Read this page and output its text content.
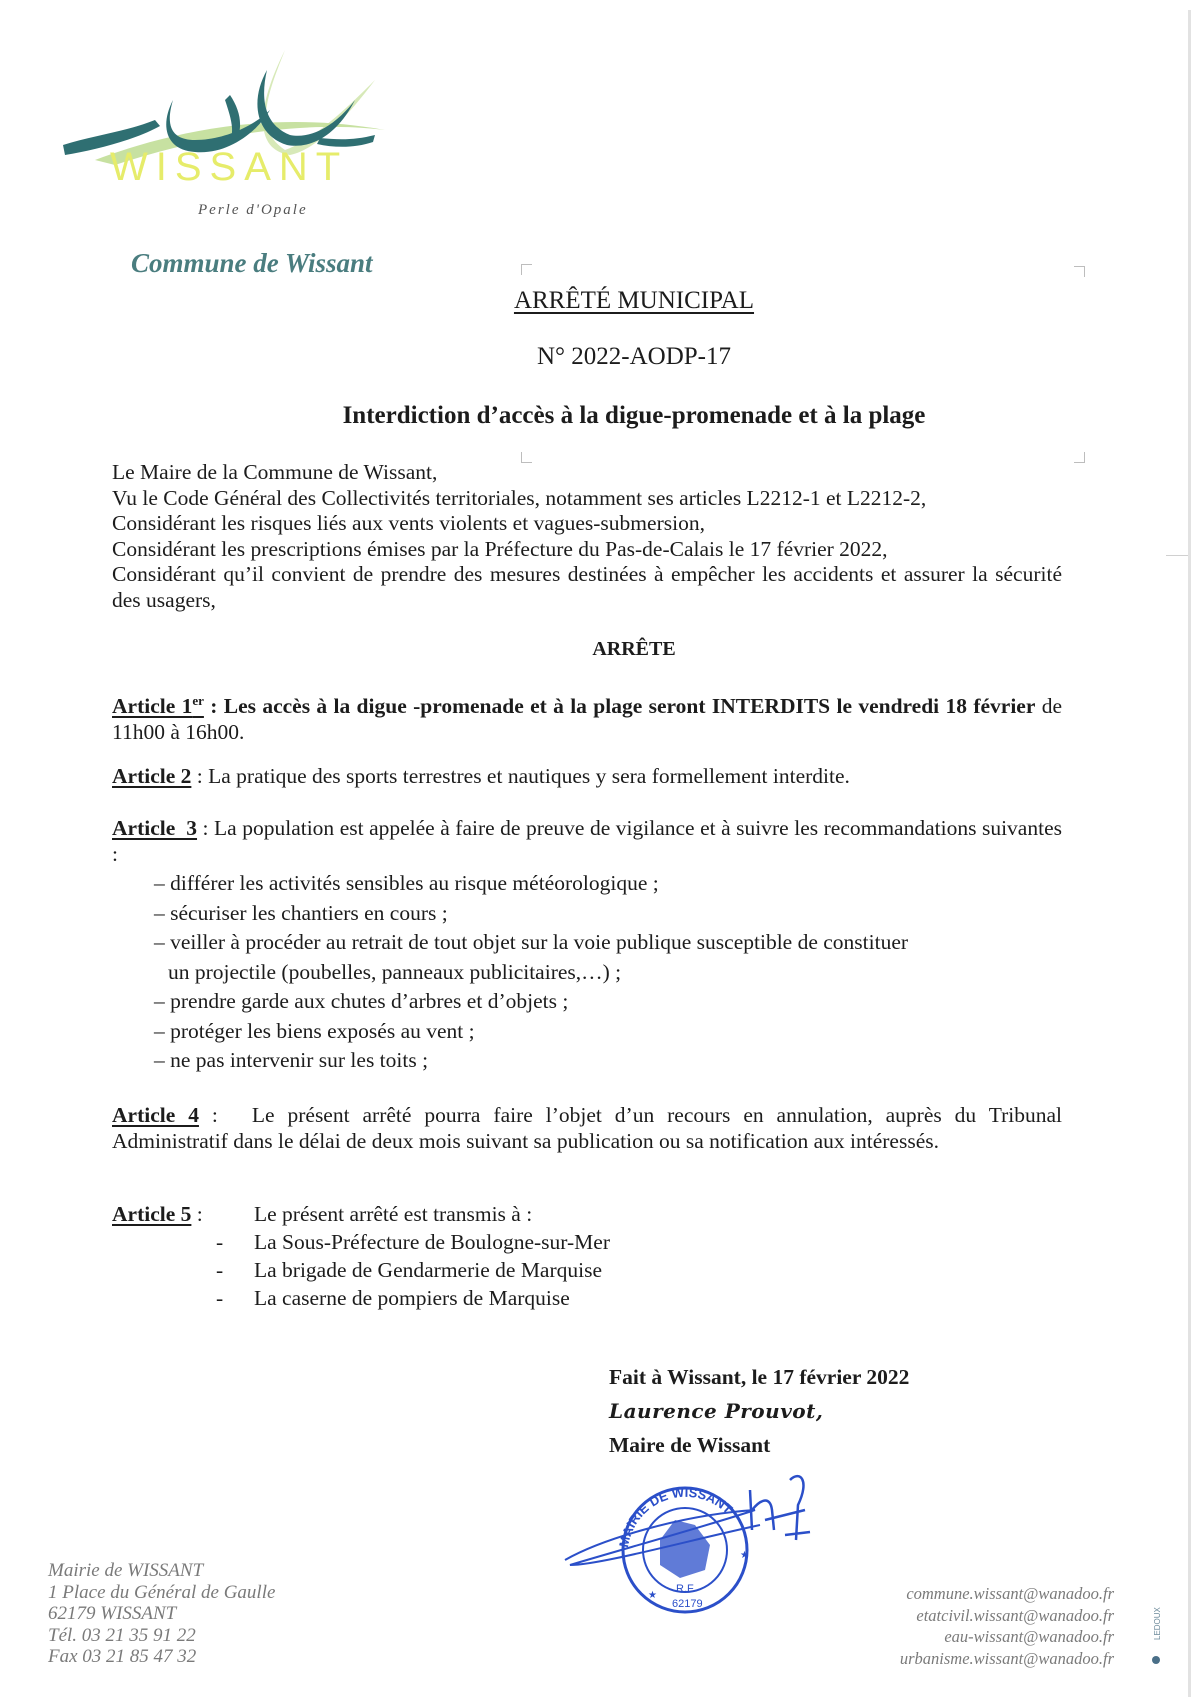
WISSANT
Perle d'Opale
Commune de Wissant
ARRÊTÉ MUNICIPAL
N° 2022-AODP-17
Interdiction d’accès à la digue-promenade et à la plage
Le Maire de la Commune de Wissant,
Vu le Code Général des Collectivités territoriales, notamment ses articles L2212-1 et L2212-2,
Considérant les risques liés aux vents violents et vagues-submersion,
Considérant les prescriptions émises par la Préfecture du Pas-de-Calais le 17 février 2022,
Considérant qu’il convient de prendre des mesures destinées à empêcher les accidents et assurer la sécurité des usagers,
ARRÊTE
Article 1er : Les accès à la digue -promenade et à la plage seront INTERDITS le vendredi 18 février de 11h00 à 16h00.
Article 2 : La pratique des sports terrestres et nautiques y sera formellement interdite.
Article  3 : La population est appelée à faire de preuve de vigilance et à suivre les recommandations suivantes :
– différer les activités sensibles au risque météorologique ;
– sécuriser les chantiers en cours ;
– veiller à procéder au retrait de tout objet sur la voie publique susceptible de constituer
un projectile (poubelles, panneaux publicitaires,…) ;
– prendre garde aux chutes d’arbres et d’objets ;
– protéger les biens exposés au vent ;
– ne pas intervenir sur les toits ;
Article 4 : Le présent arrêté pourra faire l’objet d’un recours en annulation, auprès du Tribunal Administratif dans le délai de deux mois suivant sa publication ou sa notification aux intéressés.
Article 5 :	Le présent arrêté est transmis à :
-	La Sous-Préfecture de Boulogne-sur-Mer
-	La brigade de Gendarmerie de Marquise
-	La caserne de pompiers de Marquise
Fait à Wissant, le 17 février 2022
Laurence Prouvot,
Maire de Wissant
MAIRIE DE WISSANT
R.F.
62179
★
★
Mairie de WISSANT
1 Place du Général de Gaulle
62179 WISSANT
Tél. 03 21 35 91 22
Fax 03 21 85 47 32
commune.wissant@wanadoo.fr
etatcivil.wissant@wanadoo.fr
eau-wissant@wanadoo.fr
urbanisme.wissant@wanadoo.fr
LEDOUX
